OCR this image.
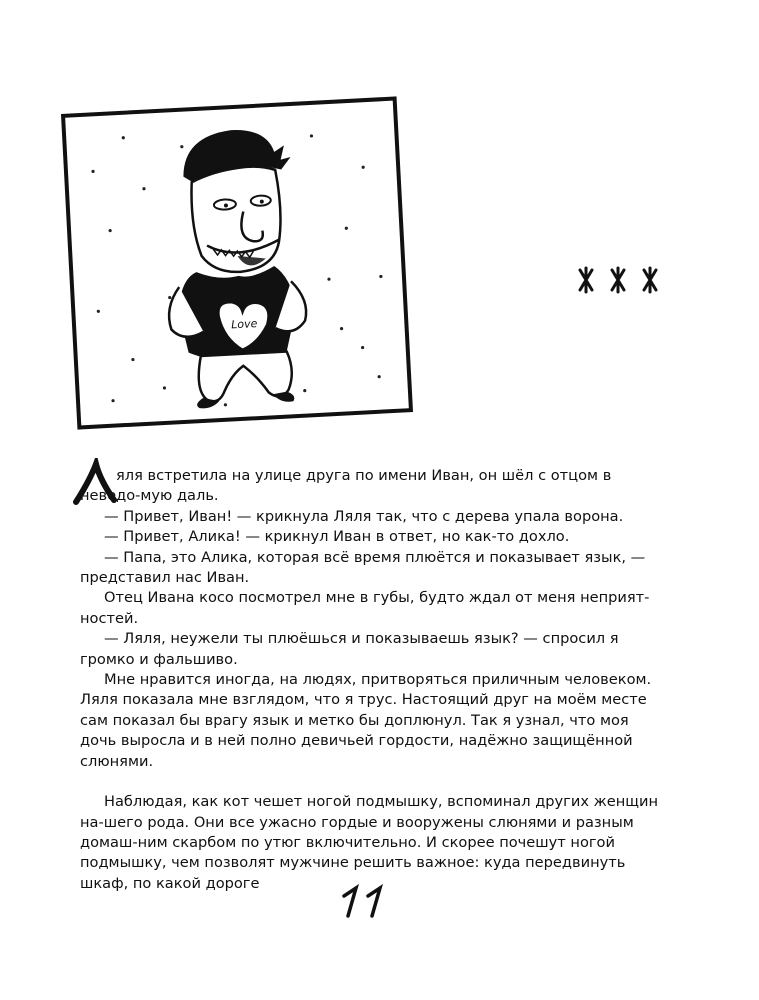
Love

яля встретила на улице друга по имени Иван, он шёл с отцом в неведо-мую даль.

— Привет, Иван! — крикнула Ляля так, что с дерева упала ворона.

— Привет, Алика! — крикнул Иван в ответ, но как-то дохло.

— Папа, это Алика, которая всё время плюётся и показывает язык, — представил нас Иван.

Отец Ивана косо посмотрел мне в губы, будто ждал от меня неприят-ностей.

— Ляля, неужели ты плюёшься и показываешь язык? — спросил я громко и фальшиво.

Мне нравится иногда, на людях, притворяться приличным человеком.

Ляля показала мне взглядом, что я трус. Настоящий друг на моём месте сам показал бы врагу язык и метко бы доплюнул. Так я узнал, что моя дочь выросла и в ней полно девичьей гордости, надёжно защищённой слюнями.

Наблюдая, как кот чешет ногой подмышку, вспоминал других женщин на-шего рода. Они все ужасно гордые и вооружены слюнями и разным домаш-ним скарбом по утюг включительно. И скорее почешут ногой подмышку, чем позволят мужчине решить важное: куда передвинуть шкаф, по какой дороге
